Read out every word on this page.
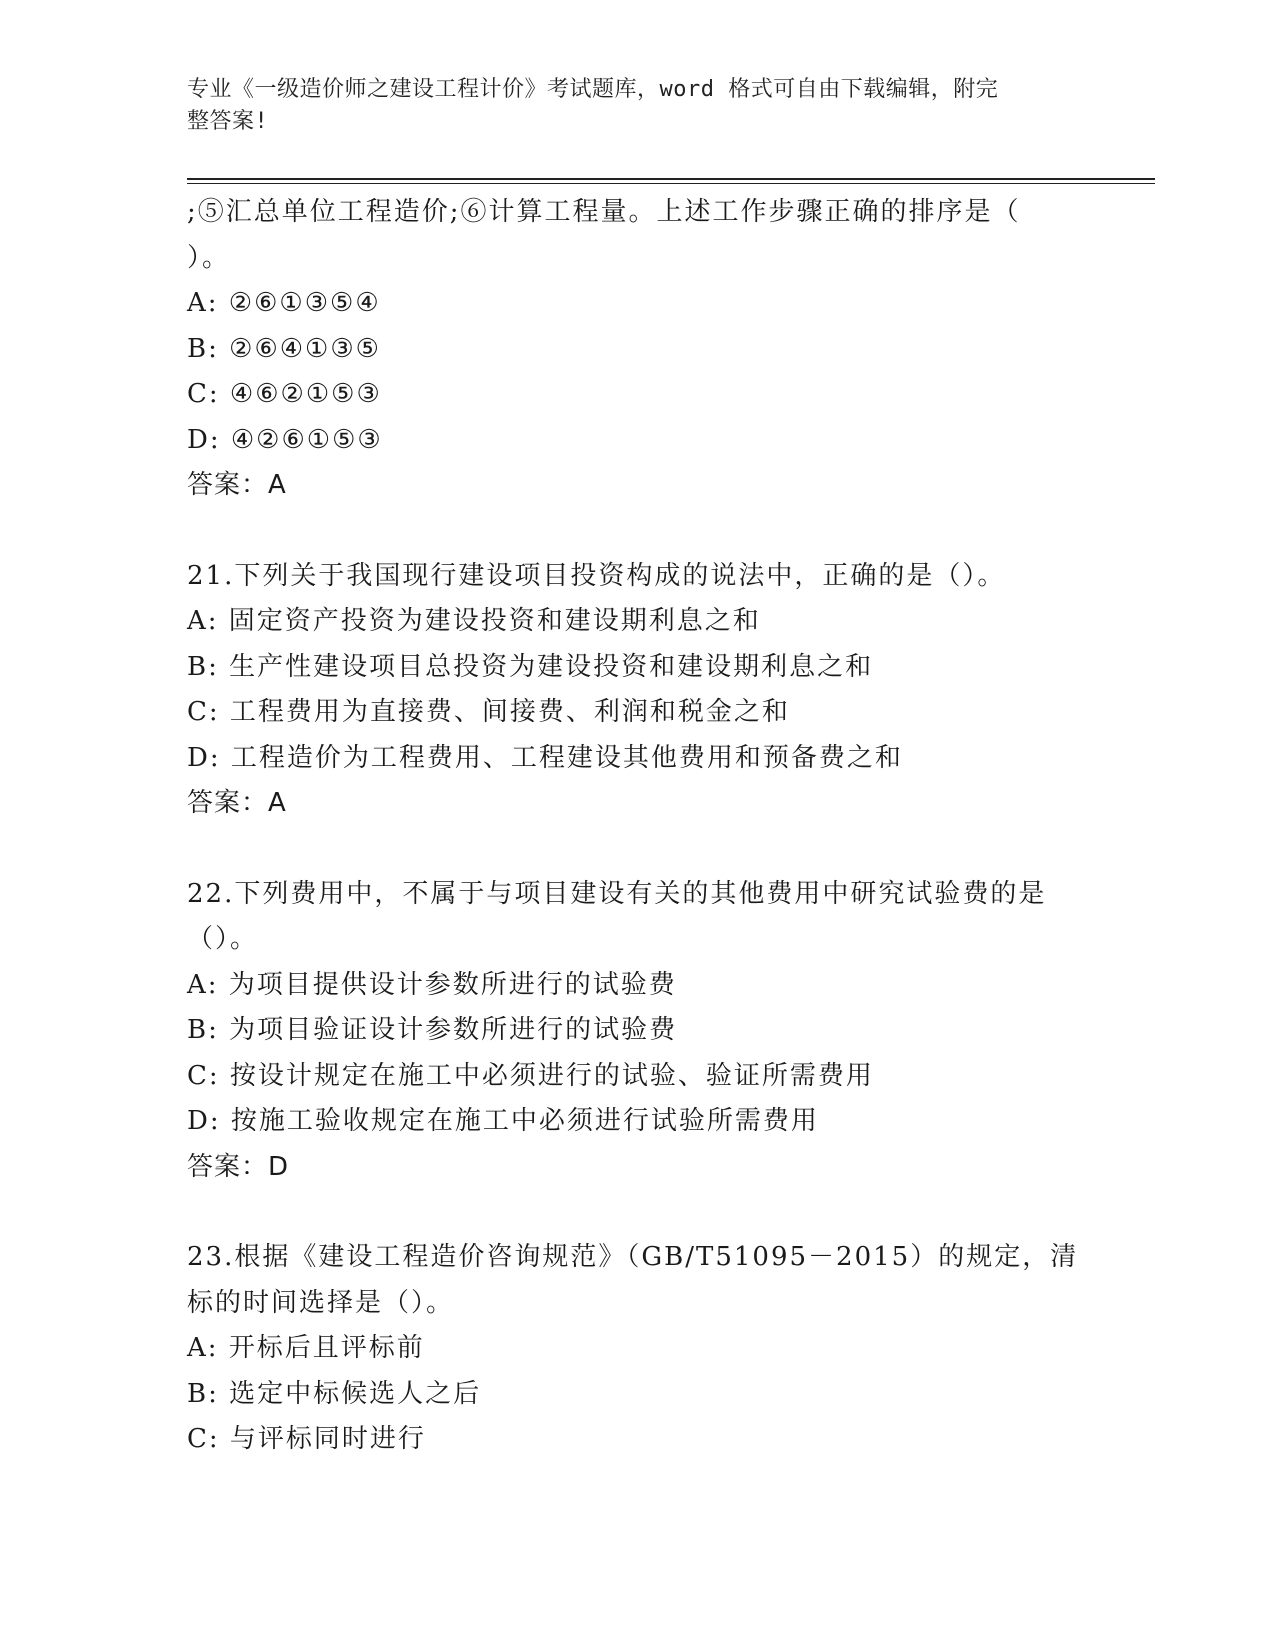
专业《一级造价师之建设工程计价》考试题库，word 格式可自由下载编辑，附完
整答案!
;⑤汇总单位工程造价;⑥计算工程量。上述工作步骤正确的排序是（
）。
A: ②⑥①③⑤④
B: ②⑥④①③⑤
C: ④⑥②①⑤③
D: ④②⑥①⑤③
答案：A
21.下列关于我国现行建设项目投资构成的说法中，正确的是（）。
A: 固定资产投资为建设投资和建设期利息之和
B: 生产性建设项目总投资为建设投资和建设期利息之和
C: 工程费用为直接费、间接费、利润和税金之和
D: 工程造价为工程费用、工程建设其他费用和预备费之和
答案：A
22.下列费用中，不属于与项目建设有关的其他费用中研究试验费的是
（）。
A: 为项目提供设计参数所进行的试验费
B: 为项目验证设计参数所进行的试验费
C: 按设计规定在施工中必须进行的试验、验证所需费用
D: 按施工验收规定在施工中必须进行试验所需费用
答案：D
23.根据《建设工程造价咨询规范》（GB/T51095－2015）的规定，清
标的时间选择是（）。
A: 开标后且评标前
B: 选定中标候选人之后
C: 与评标同时进行
